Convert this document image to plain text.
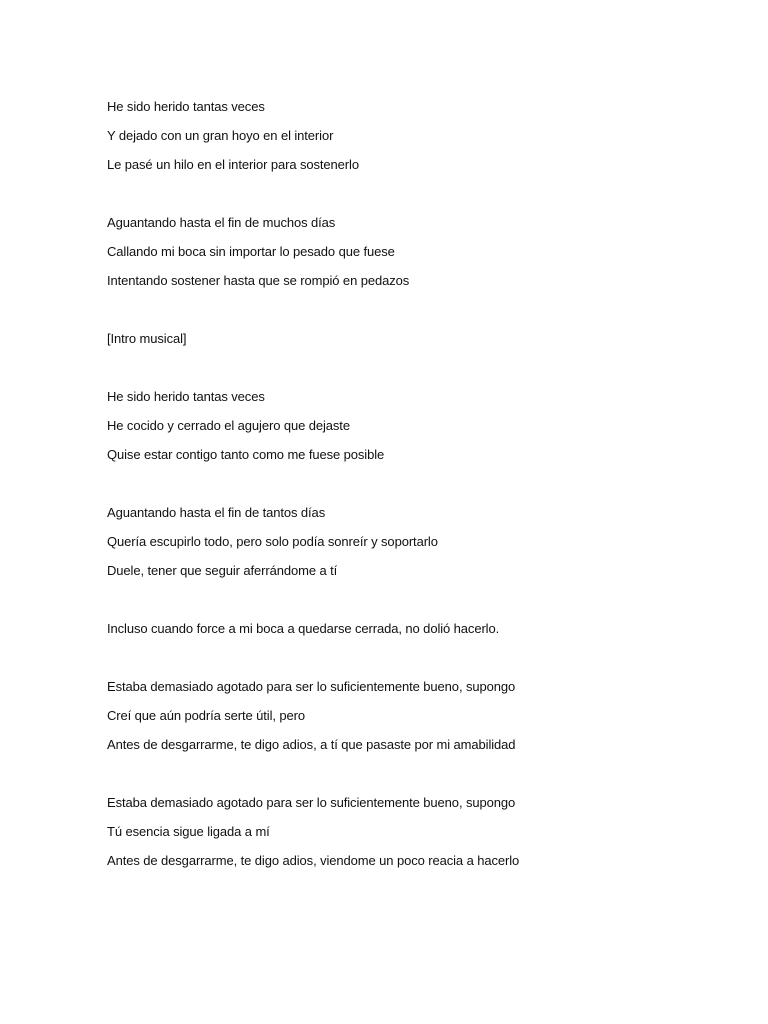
He sido herido tantas veces
Y dejado con un gran hoyo en el interior
Le pasé un hilo en el interior para sostenerlo
Aguantando hasta el fin de muchos días
Callando mi boca sin importar lo pesado que fuese
Intentando sostener hasta que se rompió en pedazos
[Intro musical]
He sido herido tantas veces
He cocido y cerrado el agujero que dejaste
Quise estar contigo tanto como me fuese posible
Aguantando hasta el fin de tantos días
Quería escupirlo todo, pero solo podía sonreír y soportarlo
Duele, tener que seguir aferrándome a tí
Incluso cuando force a mi boca a quedarse cerrada, no dolió hacerlo.
Estaba demasiado agotado para ser lo suficientemente bueno, supongo
Creí que aún podría serte útil, pero
Antes de desgarrarme, te digo adios, a tí que pasaste por mi amabilidad
Estaba demasiado agotado para ser lo suficientemente bueno, supongo
Tú esencia sigue ligada a mí
Antes de desgarrarme, te digo adios, viendome un poco reacia a hacerlo
